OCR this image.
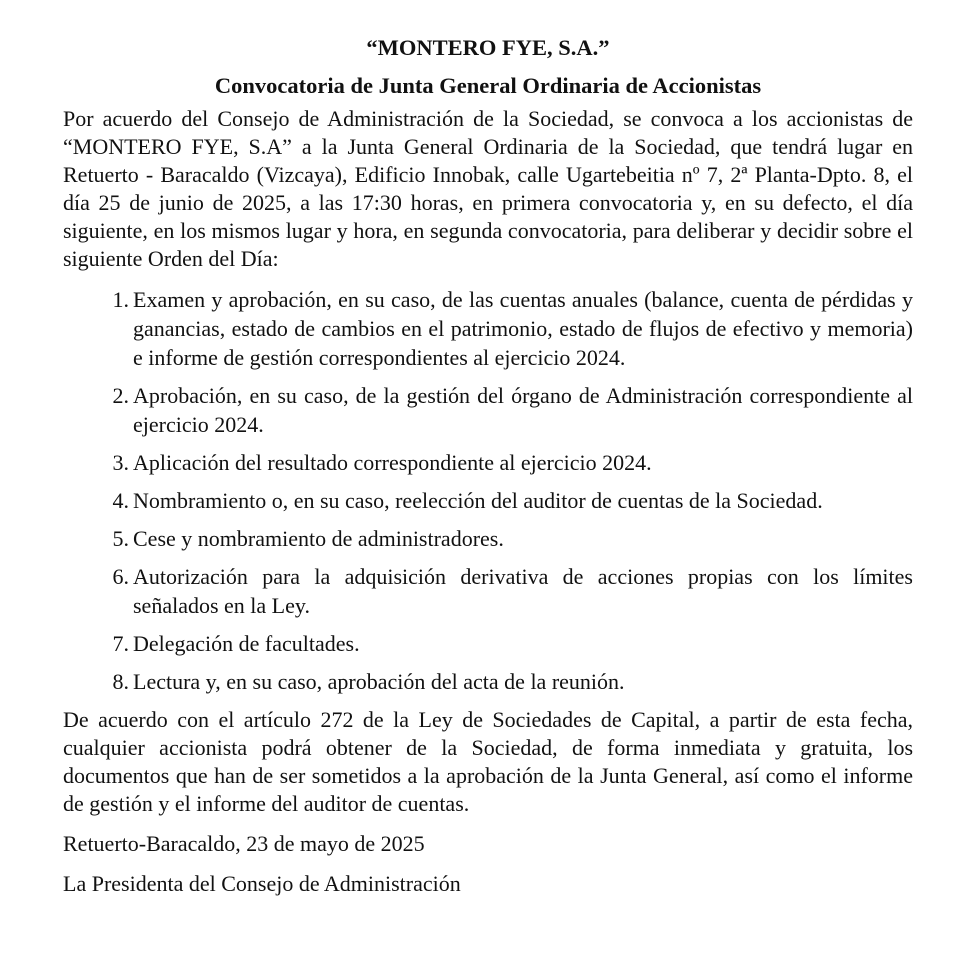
“MONTERO FYE, S.A.”
Convocatoria de Junta General Ordinaria de Accionistas

Por acuerdo del Consejo de Administración de la Sociedad, se convoca a los accionistas de “MONTERO FYE, S.A” a la Junta General Ordinaria de la Sociedad, que tendrá lugar en Retuerto - Baracaldo (Vizcaya), Edificio Innobak, calle Ugartebeitia nº 7, 2ª Planta-Dpto. 8, el día 25 de junio de 2025, a las 17:30 horas, en primera convocatoria y, en su defecto, el día siguiente, en los mismos lugar y hora, en segunda convocatoria, para deliberar y decidir sobre el siguiente Orden del Día:

1. Examen y aprobación, en su caso, de las cuentas anuales (balance, cuenta de pérdidas y ganancias, estado de cambios en el patrimonio, estado de flujos de efectivo y memoria) e informe de gestión correspondientes al ejercicio 2024.
2. Aprobación, en su caso, de la gestión del órgano de Administración correspondiente al ejercicio 2024.
3. Aplicación del resultado correspondiente al ejercicio 2024.
4. Nombramiento o, en su caso, reelección del auditor de cuentas de la Sociedad.
5. Cese y nombramiento de administradores.
6. Autorización para la adquisición derivativa de acciones propias con los límites señalados en la Ley.
7. Delegación de facultades.
8. Lectura y, en su caso, aprobación del acta de la reunión.

De acuerdo con el artículo 272 de la Ley de Sociedades de Capital, a partir de esta fecha, cualquier accionista podrá obtener de la Sociedad, de forma inmediata y gratuita, los documentos que han de ser sometidos a la aprobación de la Junta General, así como el informe de gestión y el informe del auditor de cuentas.

Retuerto-Baracaldo, 23 de mayo de 2025

La Presidenta del Consejo de Administración
